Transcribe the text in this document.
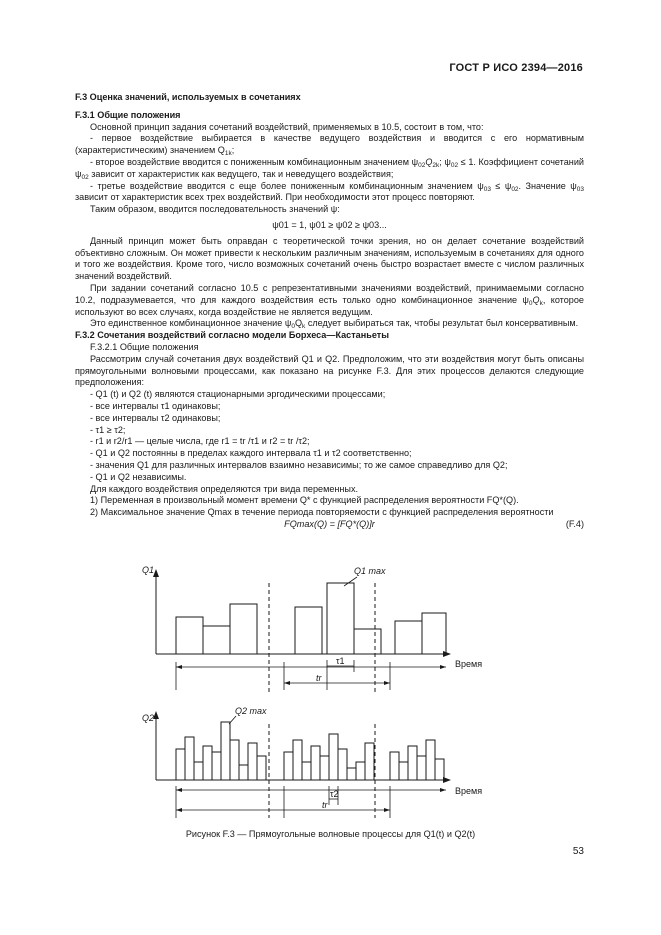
ГОСТ Р ИСО 2394—2016

F.3 Оценка значений, используемых в сочетаниях

F.3.1 Общие положения

Основной принцип задания сочетаний воздействий, применяемых в 10.5, состоит в том, что:

- первое воздействие выбирается в качестве ведущего воздействия и вводится с его нормативным (характеристическим) значением $Q_{1k}$;

- второе воздействие вводится с пониженным комбинационным значением $\psi_{02}Q_{2k}$; $\psi_{02} \le 1$. Коэффициент сочетаний $\psi_{02}$ зависит от характеристик как ведущего, так и неведущего воздействия;

- третье воздействие вводится с еще более пониженным комбинационным значением $\psi_{03} \le \psi_{02}$. Значение $\psi_{03}$ зависит от характеристик всех трех воздействий. При необходимости этот процесс повторяют.

Таким образом, вводится последовательность значений ψ:

ψ01 = 1, ψ01 ≥ ψ02 ≥ ψ03...

Данный принцип может быть оправдан с теоретической точки зрения, но он делает сочетание воздействий объективно сложным. Он может привести к нескольким различным значениям, используемым в сочетаниях для одного и того же воздействия. Кроме того, число возможных сочетаний очень быстро возрастает вместе с числом различных значений воздействий.

При задании сочетаний согласно 10.5 с репрезентативными значениями воздействий, принимаемыми согласно 10.2, подразумевается, что для каждого воздействия есть только одно комбинационное значение $\psi_0Q_k$, которое используют во всех случаях, когда воздействие не является ведущим.

Это единственное комбинационное значение $\psi_0Q_k$ следует выбираться так, чтобы результат был консервативным.

F.3.2 Сочетания воздействий согласно модели Борхеса—Кастаньеты

F.3.2.1 Общие положения

Рассмотрим случай сочетания двух воздействий Q1 и Q2. Предположим, что эти воздействия могут быть описаны прямоугольными волновыми процессами, как показано на рисунке F.3. Для этих процессов делаются следующие предположения:

- Q1 (t) и Q2 (t) являются стационарными эргодическими процессами;

- все интервалы τ1 одинаковы;

- все интервалы τ2 одинаковы;

- τ1 ≥ τ2;

- r1 и r2/r1 — целые числа, где r1 = tr /τ1 и r2 = tr /τ2;

- Q1 и Q2 постоянны в пределах каждого интервала τ1 и τ2 соответственно;

- значения Q1 для различных интервалов взаимно независимы; то же самое справедливо для Q2;

- Q1 и Q2 независимы.

Для каждого воздействия определяются три вида переменных.

1) Переменная в произвольный момент времени Q* с функцией распределения вероятности FQ*(Q).

2) Максимальное значение Qmax в течение периода повторяемости с функцией распределения вероятности

FQmax(Q) = [FQ*(Q)]r	(F.4)
Q1
Q2
Q1 max
Q2 max
Время
Время
τ1
τ2
tr
tr
Рисунок F.3 — Прямоугольные волновые процессы для Q1(t) и Q2(t)
53
